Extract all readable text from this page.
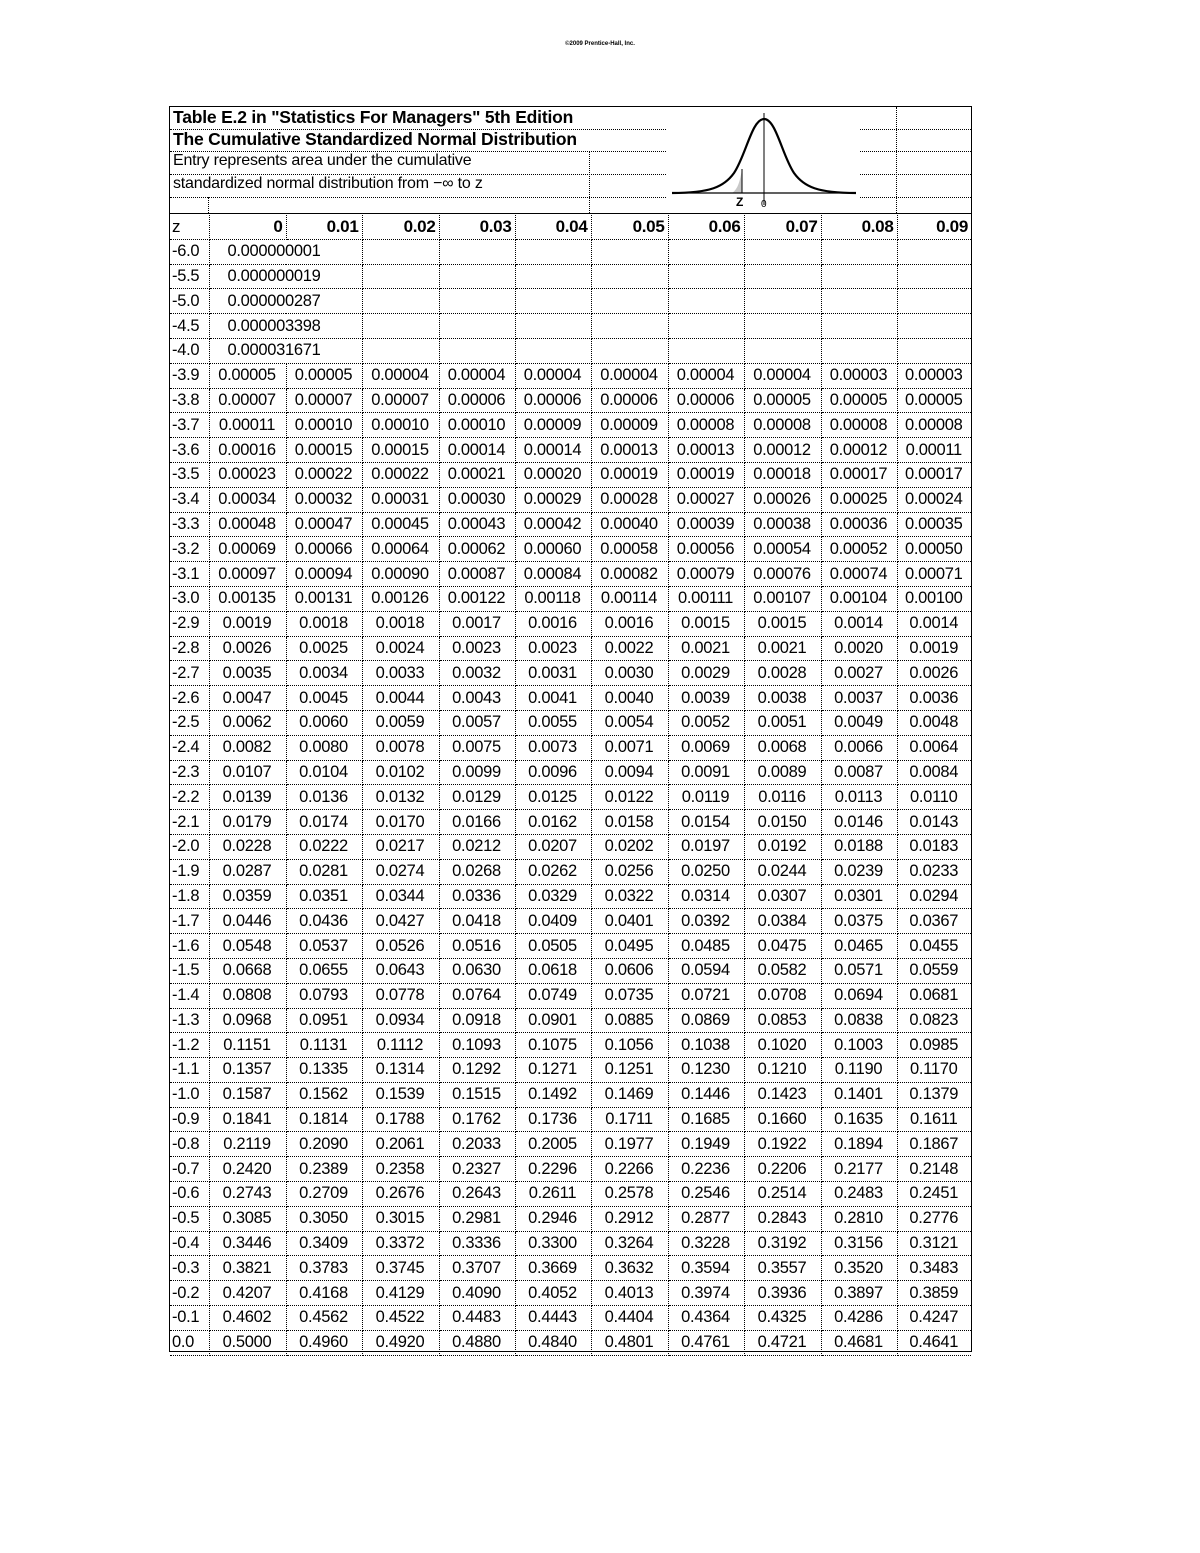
©2009 Prentice-Hall, Inc.
Table E.2 in "Statistics For Managers" 5th Edition
The Cumulative Standardized Normal Distribution
Entry represents area under the cumulative
standardized normal distribution from −∞ to z
Z 0
z	0	0.01	0.02	0.03	0.04	0.05	0.06	0.07	0.08	0.09
-6.0	0.000000001									
-5.5	0.000000019									
-5.0	0.000000287									
-4.5	0.000003398									
-4.0	0.000031671									
-3.9	0.00005	0.00005	0.00004	0.00004	0.00004	0.00004	0.00004	0.00004	0.00003	0.00003
-3.8	0.00007	0.00007	0.00007	0.00006	0.00006	0.00006	0.00006	0.00005	0.00005	0.00005
-3.7	0.00011	0.00010	0.00010	0.00010	0.00009	0.00009	0.00008	0.00008	0.00008	0.00008
-3.6	0.00016	0.00015	0.00015	0.00014	0.00014	0.00013	0.00013	0.00012	0.00012	0.00011
-3.5	0.00023	0.00022	0.00022	0.00021	0.00020	0.00019	0.00019	0.00018	0.00017	0.00017
-3.4	0.00034	0.00032	0.00031	0.00030	0.00029	0.00028	0.00027	0.00026	0.00025	0.00024
-3.3	0.00048	0.00047	0.00045	0.00043	0.00042	0.00040	0.00039	0.00038	0.00036	0.00035
-3.2	0.00069	0.00066	0.00064	0.00062	0.00060	0.00058	0.00056	0.00054	0.00052	0.00050
-3.1	0.00097	0.00094	0.00090	0.00087	0.00084	0.00082	0.00079	0.00076	0.00074	0.00071
-3.0	0.00135	0.00131	0.00126	0.00122	0.00118	0.00114	0.00111	0.00107	0.00104	0.00100
-2.9	0.0019	0.0018	0.0018	0.0017	0.0016	0.0016	0.0015	0.0015	0.0014	0.0014
-2.8	0.0026	0.0025	0.0024	0.0023	0.0023	0.0022	0.0021	0.0021	0.0020	0.0019
-2.7	0.0035	0.0034	0.0033	0.0032	0.0031	0.0030	0.0029	0.0028	0.0027	0.0026
-2.6	0.0047	0.0045	0.0044	0.0043	0.0041	0.0040	0.0039	0.0038	0.0037	0.0036
-2.5	0.0062	0.0060	0.0059	0.0057	0.0055	0.0054	0.0052	0.0051	0.0049	0.0048
-2.4	0.0082	0.0080	0.0078	0.0075	0.0073	0.0071	0.0069	0.0068	0.0066	0.0064
-2.3	0.0107	0.0104	0.0102	0.0099	0.0096	0.0094	0.0091	0.0089	0.0087	0.0084
-2.2	0.0139	0.0136	0.0132	0.0129	0.0125	0.0122	0.0119	0.0116	0.0113	0.0110
-2.1	0.0179	0.0174	0.0170	0.0166	0.0162	0.0158	0.0154	0.0150	0.0146	0.0143
-2.0	0.0228	0.0222	0.0217	0.0212	0.0207	0.0202	0.0197	0.0192	0.0188	0.0183
-1.9	0.0287	0.0281	0.0274	0.0268	0.0262	0.0256	0.0250	0.0244	0.0239	0.0233
-1.8	0.0359	0.0351	0.0344	0.0336	0.0329	0.0322	0.0314	0.0307	0.0301	0.0294
-1.7	0.0446	0.0436	0.0427	0.0418	0.0409	0.0401	0.0392	0.0384	0.0375	0.0367
-1.6	0.0548	0.0537	0.0526	0.0516	0.0505	0.0495	0.0485	0.0475	0.0465	0.0455
-1.5	0.0668	0.0655	0.0643	0.0630	0.0618	0.0606	0.0594	0.0582	0.0571	0.0559
-1.4	0.0808	0.0793	0.0778	0.0764	0.0749	0.0735	0.0721	0.0708	0.0694	0.0681
-1.3	0.0968	0.0951	0.0934	0.0918	0.0901	0.0885	0.0869	0.0853	0.0838	0.0823
-1.2	0.1151	0.1131	0.1112	0.1093	0.1075	0.1056	0.1038	0.1020	0.1003	0.0985
-1.1	0.1357	0.1335	0.1314	0.1292	0.1271	0.1251	0.1230	0.1210	0.1190	0.1170
-1.0	0.1587	0.1562	0.1539	0.1515	0.1492	0.1469	0.1446	0.1423	0.1401	0.1379
-0.9	0.1841	0.1814	0.1788	0.1762	0.1736	0.1711	0.1685	0.1660	0.1635	0.1611
-0.8	0.2119	0.2090	0.2061	0.2033	0.2005	0.1977	0.1949	0.1922	0.1894	0.1867
-0.7	0.2420	0.2389	0.2358	0.2327	0.2296	0.2266	0.2236	0.2206	0.2177	0.2148
-0.6	0.2743	0.2709	0.2676	0.2643	0.2611	0.2578	0.2546	0.2514	0.2483	0.2451
-0.5	0.3085	0.3050	0.3015	0.2981	0.2946	0.2912	0.2877	0.2843	0.2810	0.2776
-0.4	0.3446	0.3409	0.3372	0.3336	0.3300	0.3264	0.3228	0.3192	0.3156	0.3121
-0.3	0.3821	0.3783	0.3745	0.3707	0.3669	0.3632	0.3594	0.3557	0.3520	0.3483
-0.2	0.4207	0.4168	0.4129	0.4090	0.4052	0.4013	0.3974	0.3936	0.3897	0.3859
-0.1	0.4602	0.4562	0.4522	0.4483	0.4443	0.4404	0.4364	0.4325	0.4286	0.4247
0.0	0.5000	0.4960	0.4920	0.4880	0.4840	0.4801	0.4761	0.4721	0.4681	0.4641
